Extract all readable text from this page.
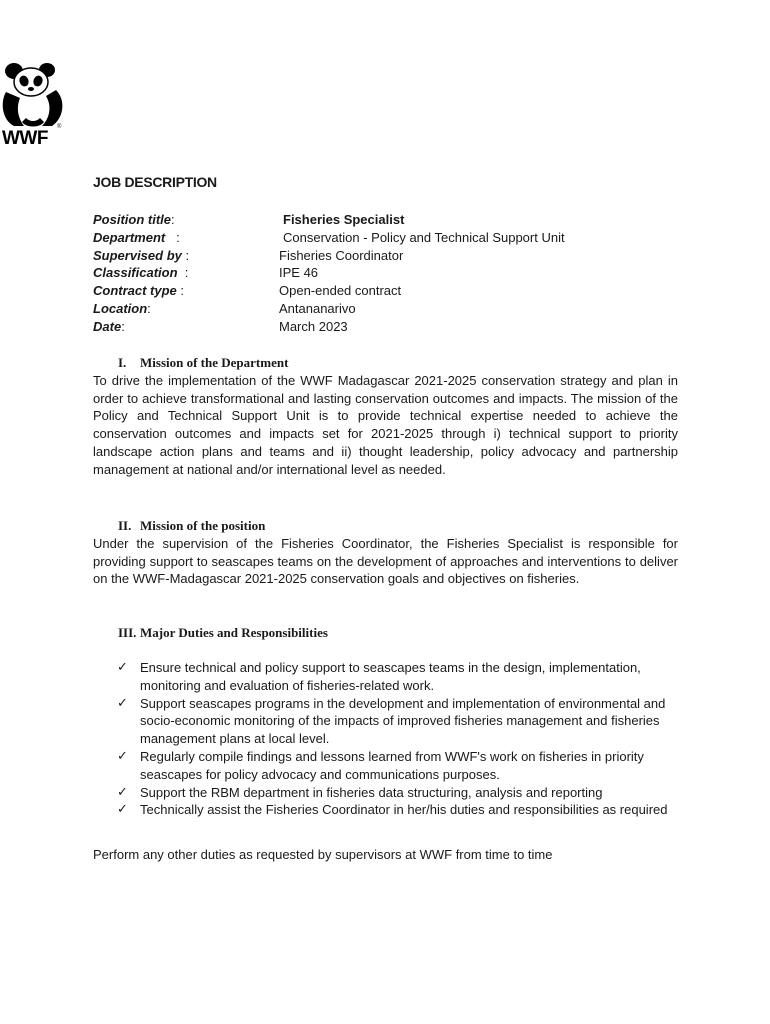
WWF
®
JOB DESCRIPTION
Position title:	Fisheries Specialist
Department   :	Conservation - Policy and Technical Support Unit
Supervised by :	Fisheries Coordinator
Classification  :	IPE 46
Contract type :	Open-ended contract
Location:	Antananarivo
Date:	March 2023
I. Mission of the Department
To drive the implementation of the WWF Madagascar 2021-2025 conservation strategy and plan in order to achieve transformational and lasting conservation outcomes and impacts. The mission of the Policy and Technical Support Unit is to provide technical expertise needed to achieve the conservation outcomes and impacts set for 2021-2025 through i) technical support to priority landscape action plans and teams and ii) thought leadership, policy advocacy and partnership management at national and/or international level as needed.
II. Mission of the position
Under the supervision of the Fisheries Coordinator, the Fisheries Specialist is responsible for providing support to seascapes teams on the development of approaches and interventions to deliver on the WWF-Madagascar 2021-2025 conservation goals and objectives on fisheries.
III. Major Duties and Responsibilities
✓ Ensure technical and policy support to seascapes teams in the design, implementation, monitoring and evaluation of fisheries-related work.
✓ Support seascapes programs in the development and implementation of environmental and socio-economic monitoring of the impacts of improved fisheries management and fisheries management plans at local level.
✓ Regularly compile findings and lessons learned from WWF's work on fisheries in priority seascapes for policy advocacy and communications purposes.
✓ Support the RBM department in fisheries data structuring, analysis and reporting
✓ Technically assist the Fisheries Coordinator in her/his duties and responsibilities as required
Perform any other duties as requested by supervisors at WWF from time to time
